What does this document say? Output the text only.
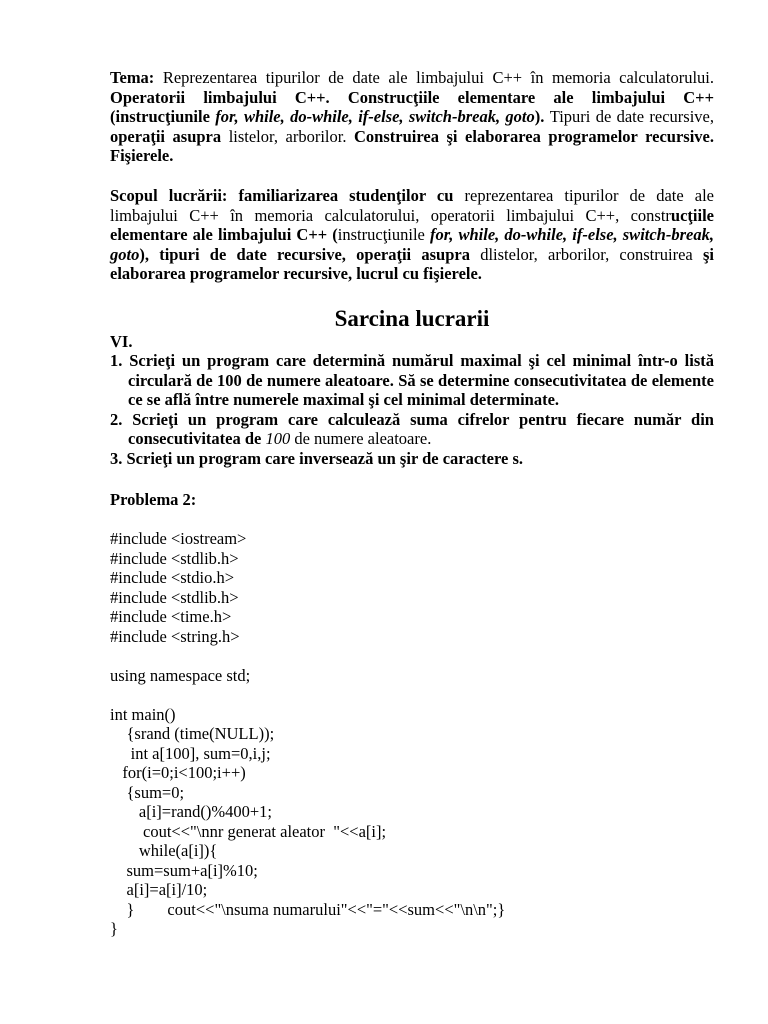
Tema: Reprezentarea tipurilor de date ale limbajului C++ în memoria calculatorului. Operatorii limbajului C++. Construcţiile elementare ale limbajului C++ (instrucţiunile for, while, do-while, if-else, switch-break, goto). Tipuri de date recursive, operaţii asupra listelor, arborilor. Construirea şi elaborarea programelor recursive. Fişierele.

Scopul lucrării: familiarizarea studenţilor cu reprezentarea tipurilor de date ale limbajului C++ în memoria calculatorului, operatorii limbajului C++, construcţiile elementare ale limbajului C++ (instrucţiunile for, while, do-while, if-else, switch-break, goto), tipuri de date recursive, operaţii asupra dlistelor, arborilor, construirea şi elaborarea programelor recursive, lucrul cu fişierele.

Sarcina lucrarii

VI.

1. Scrieţi un program care determină numărul maximal şi cel minimal într-o listă circulară de 100 de numere aleatoare. Să se determine consecutivitatea de elemente ce se află între numerele maximal şi cel minimal determinate.
2. Scrieţi un program care calculează suma cifrelor pentru fiecare număr din consecutivitatea de 100 de numere aleatoare.
3. Scrieţi un program care inversează un şir de caractere s.

Problema 2:

#include <iostream>
#include <stdlib.h>
#include <stdio.h>
#include <stdlib.h>
#include <time.h>
#include <string.h>
using namespace std;
int main()
{srand (time(NULL));
int a[100], sum=0,i,j;
for(i=0;i<100;i++)
{sum=0;
a[i]=rand()%400+1;
cout<<"\nnr generat aleator  "<<a[i];
while(a[i]){
sum=sum+a[i]%10;
a[i]=a[i]/10;
}        cout<<"\nsuma numarului"<<"="<<sum<<"\n\n";}
}
